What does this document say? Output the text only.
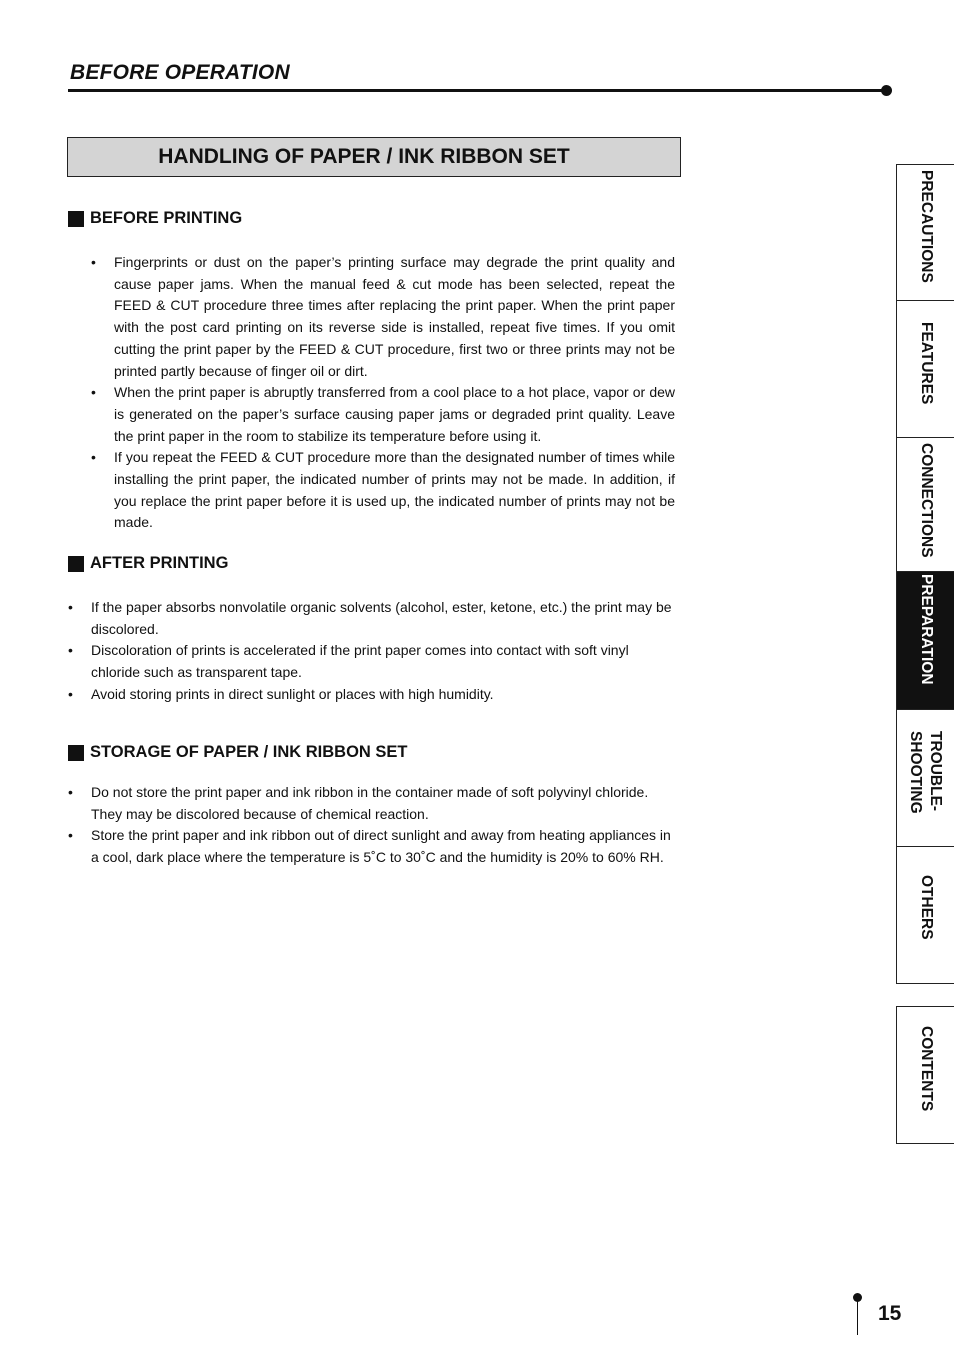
BEFORE OPERATION
HANDLING OF PAPER / INK RIBBON SET
BEFORE PRINTING
• Fingerprints or dust on the paper’s printing surface may degrade the print quality and cause paper jams. When the manual feed & cut mode has been selected, repeat the FEED & CUT procedure three times after replacing the print paper. When the print paper with the post card printing on its reverse side is installed, repeat five times. If you omit cutting the print paper by the FEED & CUT procedure, first two or three prints may not be printed partly because of finger oil or dirt.
• When the print paper is abruptly transferred from a cool place to a hot place, vapor or dew is generated on the paper’s surface causing paper jams or degraded print quality. Leave the print paper in the room to stabilize its temperature before using it.
• If you repeat the FEED & CUT procedure more than the designated number of times while installing the print paper, the indicated number of prints may not be made. In addition, if you replace the print paper before it is used up, the indicated number of prints may not be made.
AFTER PRINTING
• If the paper absorbs nonvolatile organic solvents (alcohol, ester, ketone, etc.) the print may be discolored.
• Discoloration of prints is accelerated if the print paper comes into contact with soft vinyl chloride such as transparent tape.
• Avoid storing prints in direct sunlight or places with high humidity.
STORAGE OF PAPER / INK RIBBON SET
• Do not store the print paper and ink ribbon in the container made of soft polyvinyl chloride. They may be discolored because of chemical reaction.
• Store the print paper and ink ribbon out of direct sunlight and away from heating appliances in a cool, dark place where the temperature is 5˚C to 30˚C and the humidity is 20% to 60% RH.
PRECAUTIONS
FEATURES
CONNECTIONS
PREPARATION
TROUBLE-
SHOOTING
OTHERS
CONTENTS
15
